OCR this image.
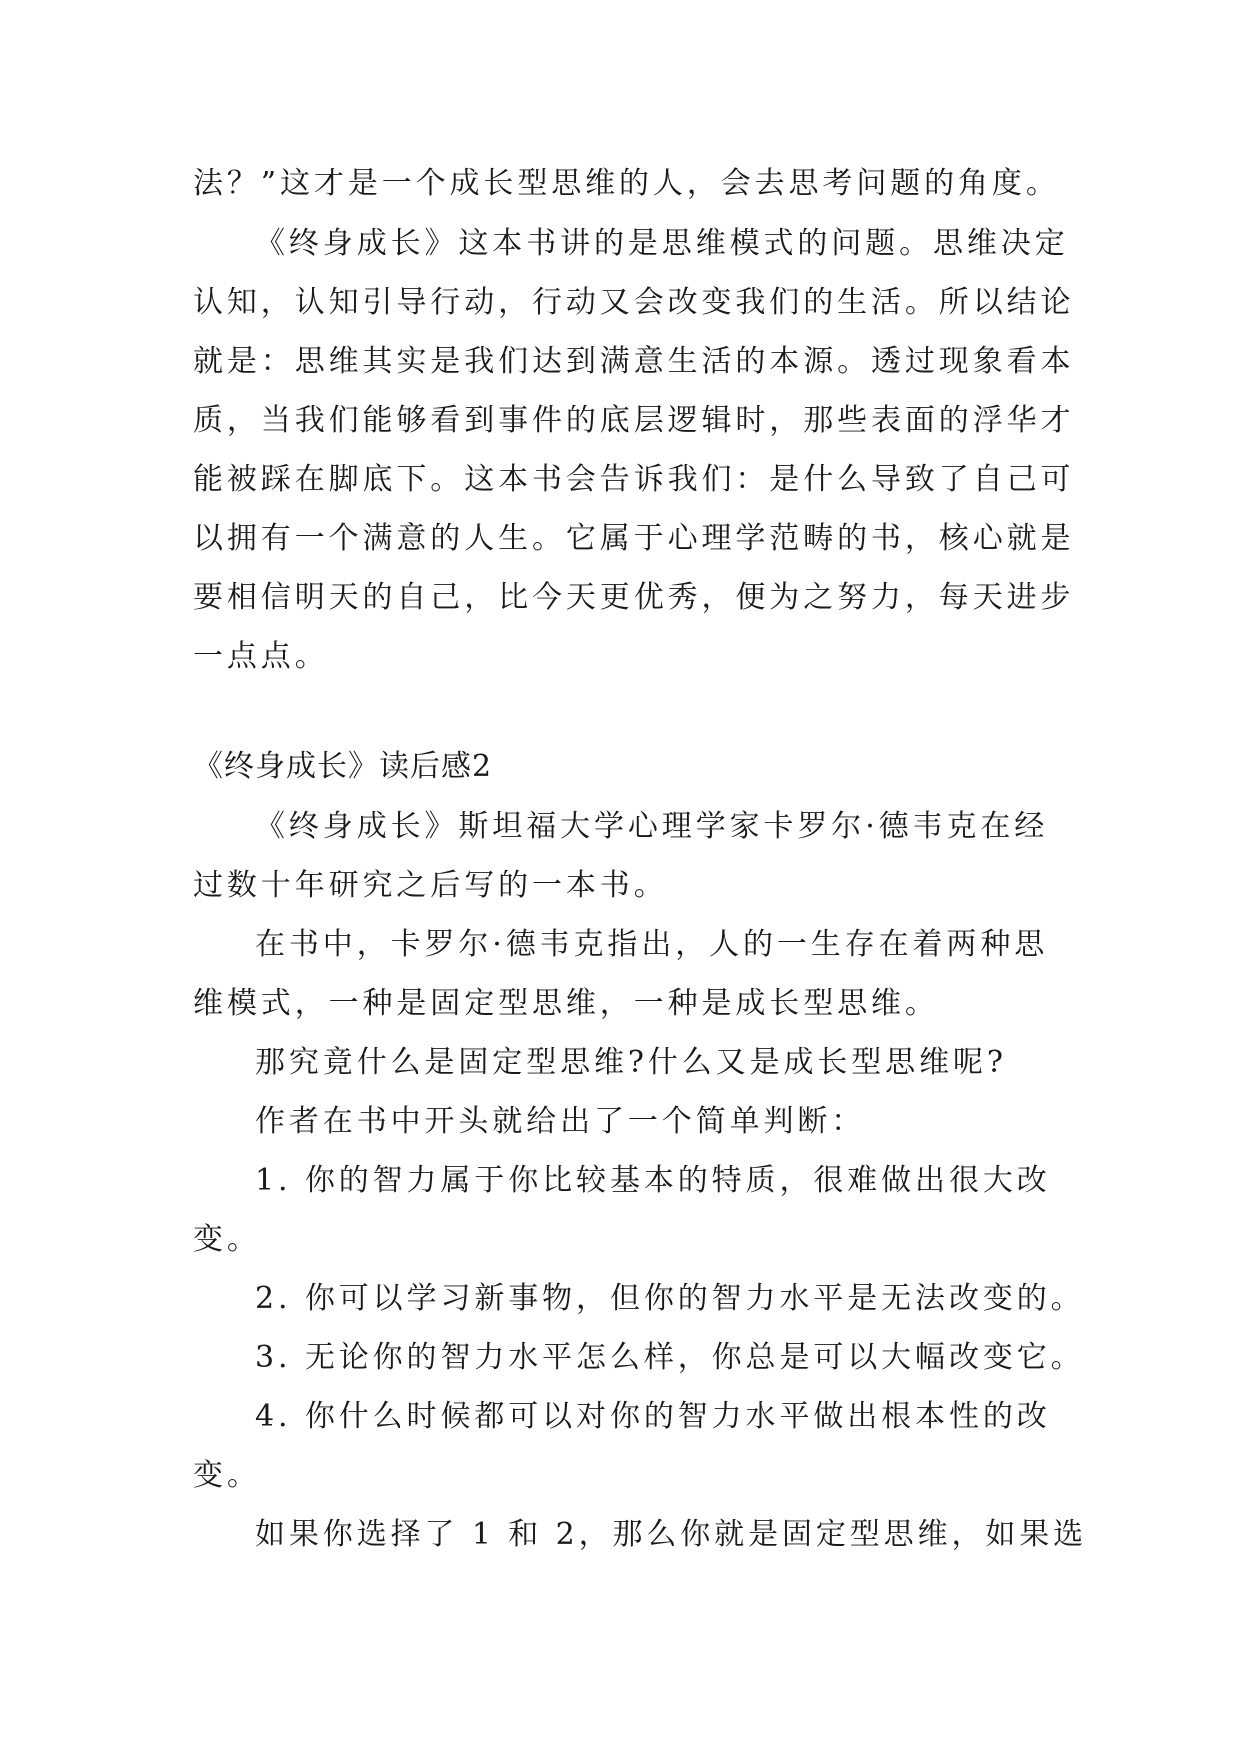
法？”这才是一个成长型思维的人，会去思考问题的角度。
《终身成长》这本书讲的是思维模式的问题。思维决定
认知，认知引导行动，行动又会改变我们的生活。所以结论
就是：思维其实是我们达到满意生活的本源。透过现象看本
质，当我们能够看到事件的底层逻辑时，那些表面的浮华才
能被踩在脚底下。这本书会告诉我们：是什么导致了自己可
以拥有一个满意的人生。它属于心理学范畴的书，核心就是
要相信明天的自己，比今天更优秀，便为之努力，每天进步
一点点。
《终身成长》读后感2
《终身成长》斯坦福大学心理学家卡罗尔·德韦克在经
过数十年研究之后写的一本书。
在书中，卡罗尔·德韦克指出，人的一生存在着两种思
维模式，一种是固定型思维，一种是成长型思维。
那究竟什么是固定型思维?什么又是成长型思维呢?
作者在书中开头就给出了一个简单判断：
1. 你的智力属于你比较基本的特质，很难做出很大改
变。
2. 你可以学习新事物，但你的智力水平是无法改变的。
3. 无论你的智力水平怎么样，你总是可以大幅改变它。
4. 你什么时候都可以对你的智力水平做出根本性的改
变。
如果你选择了 1 和 2，那么你就是固定型思维，如果选
